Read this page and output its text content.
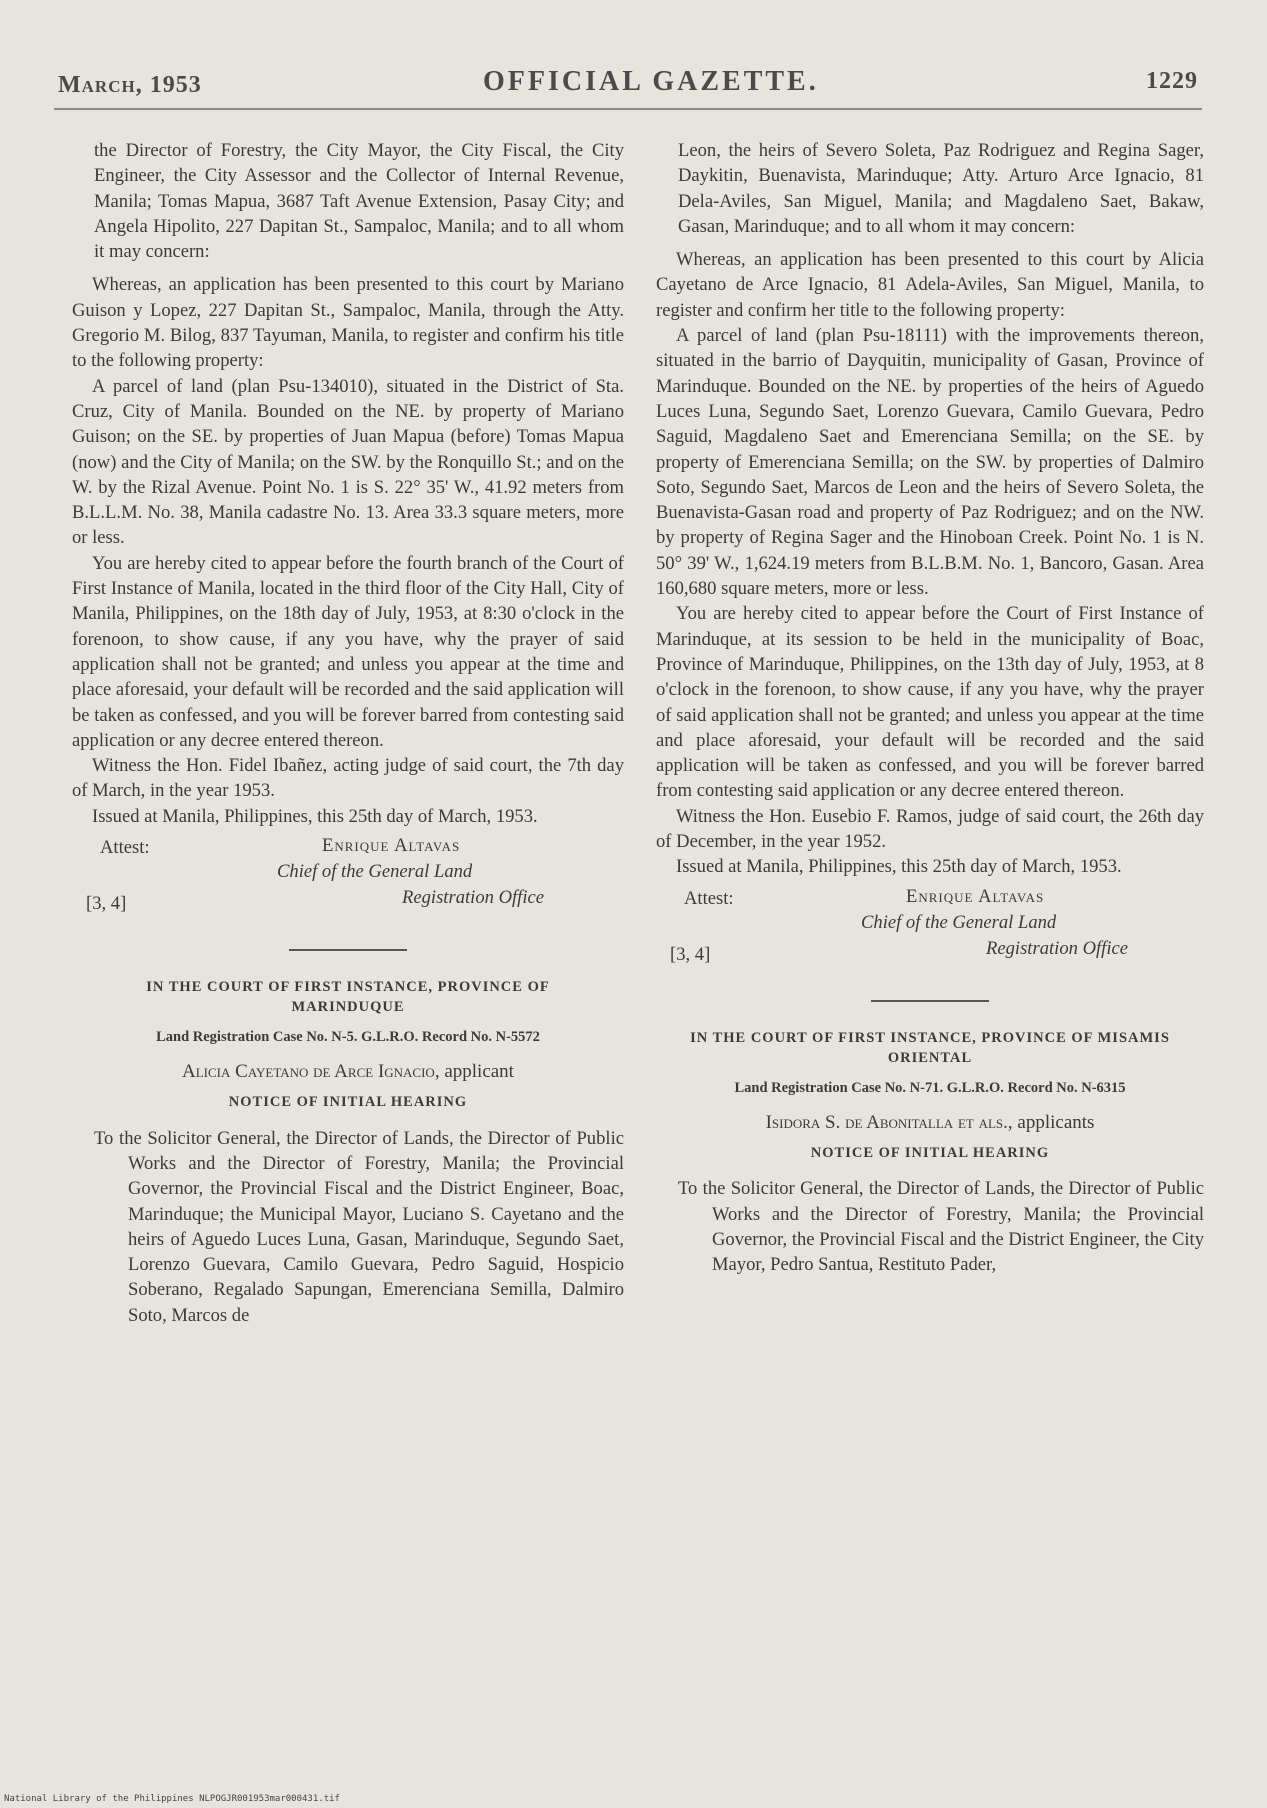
March, 1953	OFFICIAL GAZETTE.	1229

the Director of Forestry, the City Mayor, the City Fiscal, the City Engineer, the City Assessor and the Collector of Internal Revenue, Manila; Tomas Mapua, 3687 Taft Avenue Extension, Pasay City; and Angela Hipolito, 227 Dapitan St., Sampaloc, Manila; and to all whom it may concern:

Whereas, an application has been presented to this court by Mariano Guison y Lopez, 227 Dapitan St., Sampaloc, Manila, through the Atty. Gregorio M. Bilog, 837 Tayuman, Manila, to register and confirm his title to the following property:

A parcel of land (plan Psu-134010), situated in the District of Sta. Cruz, City of Manila. Bounded on the NE. by property of Mariano Guison; on the SE. by properties of Juan Mapua (before) Tomas Mapua (now) and the City of Manila; on the SW. by the Ronquillo St.; and on the W. by the Rizal Avenue. Point No. 1 is S. 22° 35' W., 41.92 meters from B.L.L.M. No. 38, Manila cadastre No. 13. Area 33.3 square meters, more or less.

You are hereby cited to appear before the fourth branch of the Court of First Instance of Manila, located in the third floor of the City Hall, City of Manila, Philippines, on the 18th day of July, 1953, at 8:30 o'clock in the forenoon, to show cause, if any you have, why the prayer of said application shall not be granted; and unless you appear at the time and place aforesaid, your default will be recorded and the said application will be taken as confessed, and you will be forever barred from contesting said application or any decree entered thereon.

Witness the Hon. Fidel Ibañez, acting judge of said court, the 7th day of March, in the year 1953.

Issued at Manila, Philippines, this 25th day of March, 1953.

Attest:	Enrique Altavas
Chief of the General Land
Registration Office
[3, 4]
IN THE COURT OF FIRST INSTANCE, PROVINCE OF MARINDUQUE
Land Registration Case No. N-5. G.L.R.O. Record No. N-5572
Alicia Cayetano de Arce Ignacio, applicant
NOTICE OF INITIAL HEARING

To the Solicitor General, the Director of Lands, the Director of Public Works and the Director of Forestry, Manila; the Provincial Governor, the Provincial Fiscal and the District Engineer, Boac, Marinduque; the Municipal Mayor, Luciano S. Cayetano and the heirs of Aguedo Luces Luna, Gasan, Marinduque, Segundo Saet, Lorenzo Guevara, Camilo Guevara, Pedro Saguid, Hospicio Soberano, Regalado Sapungan, Emerenciana Semilla, Dalmiro Soto, Marcos de

Leon, the heirs of Severo Soleta, Paz Rodriguez and Regina Sager, Daykitin, Buenavista, Marinduque; Atty. Arturo Arce Ignacio, 81 Dela-Aviles, San Miguel, Manila; and Magdaleno Saet, Bakaw, Gasan, Marinduque; and to all whom it may concern:

Whereas, an application has been presented to this court by Alicia Cayetano de Arce Ignacio, 81 Adela-Aviles, San Miguel, Manila, to register and confirm her title to the following property:

A parcel of land (plan Psu-18111) with the improvements thereon, situated in the barrio of Dayquitin, municipality of Gasan, Province of Marinduque. Bounded on the NE. by properties of the heirs of Aguedo Luces Luna, Segundo Saet, Lorenzo Guevara, Camilo Guevara, Pedro Saguid, Magdaleno Saet and Emerenciana Semilla; on the SE. by property of Emerenciana Semilla; on the SW. by properties of Dalmiro Soto, Segundo Saet, Marcos de Leon and the heirs of Severo Soleta, the Buenavista-Gasan road and property of Paz Rodriguez; and on the NW. by property of Regina Sager and the Hinoboan Creek. Point No. 1 is N. 50° 39' W., 1,624.19 meters from B.L.B.M. No. 1, Bancoro, Gasan. Area 160,680 square meters, more or less.

You are hereby cited to appear before the Court of First Instance of Marinduque, at its session to be held in the municipality of Boac, Province of Marinduque, Philippines, on the 13th day of July, 1953, at 8 o'clock in the forenoon, to show cause, if any you have, why the prayer of said application shall not be granted; and unless you appear at the time and place aforesaid, your default will be recorded and the said application will be taken as confessed, and you will be forever barred from contesting said application or any decree entered thereon.

Witness the Hon. Eusebio F. Ramos, judge of said court, the 26th day of December, in the year 1952.

Issued at Manila, Philippines, this 25th day of March, 1953.

Attest:	Enrique Altavas
Chief of the General Land
Registration Office
[3, 4]
IN THE COURT OF FIRST INSTANCE, PROVINCE OF MISAMIS ORIENTAL
Land Registration Case No. N-71. G.L.R.O. Record No. N-6315
Isidora S. de Abonitalla et als., applicants
NOTICE OF INITIAL HEARING

To the Solicitor General, the Director of Lands, the Director of Public Works and the Director of Forestry, Manila; the Provincial Governor, the Provincial Fiscal and the District Engineer, the City Mayor, Pedro Santua, Restituto Pader,

National Library of the Philippines NLPOGJR001953mar000431.tif
